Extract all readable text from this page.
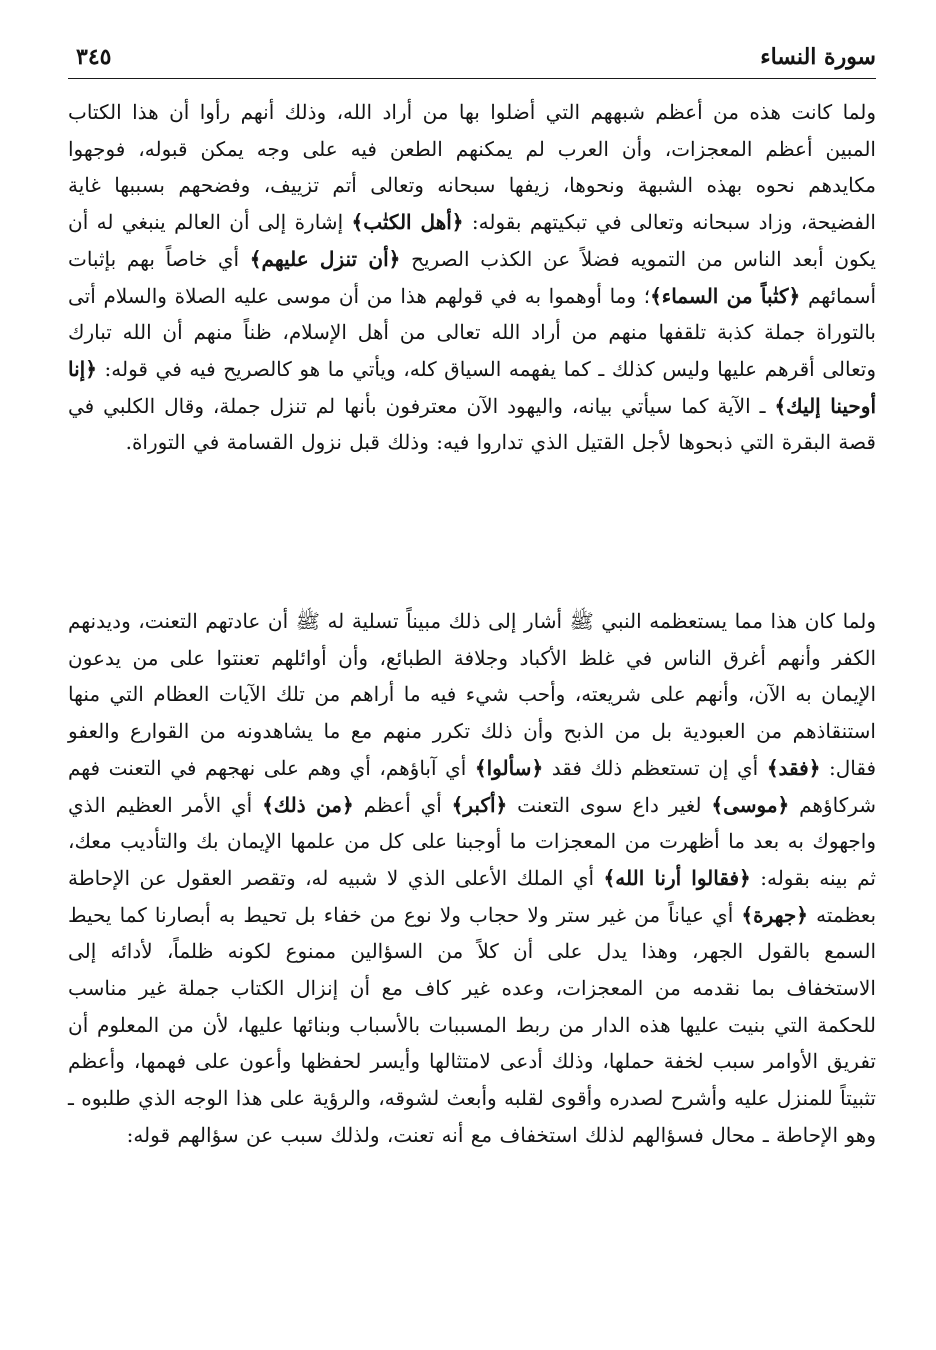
سورة النساء
٣٤٥

ولما كانت هذه من أعظم شبههم التي أضلوا بها من أراد الله، وذلك أنهم رأوا أن هذا الكتاب المبين أعظم المعجزات، وأن العرب لم يمكنهم الطعن فيه على وجه يمكن قبوله، فوجهوا مكايدهم نحوه بهذه الشبهة ونحوها، زيفها سبحانه وتعالى أتم تزييف، وفضحهم بسببها غاية الفضيحة، وزاد سبحانه وتعالى في تبكيتهم بقوله: ﴿أهل الكتٰب﴾ إشارة إلى أن العالم ينبغي له أن يكون أبعد الناس من التمويه فضلاً عن الكذب الصريح ﴿أن تنزل عليهم﴾ أي خاصاً بهم بإثبات أسمائهم ﴿كتٰباً من السماء﴾؛ وما أوهموا به في قولهم هذا من أن موسى عليه الصلاة والسلام أتى بالتوراة جملة كذبة تلقفها منهم من أراد الله تعالى من أهل الإسلام، ظناً منهم أن الله تبارك وتعالى أقرهم عليها وليس كذلك ـ كما يفهمه السياق كله، ويأتي ما هو كالصريح فيه في قوله: ﴿إنا أوحينا إليك﴾ ـ الآية كما سيأتي بيانه، واليهود الآن معترفون بأنها لم تنزل جملة، وقال الكلبي في قصة البقرة التي ذبحوها لأجل القتيل الذي تداروا فيه: وذلك قبل نزول القسامة في التوراة.

ولما كان هذا مما يستعظمه النبي ﷺ أشار إلى ذلك مبيناً تسلية له ﷺ أن عادتهم التعنت، وديدنهم الكفر وأنهم أغرق الناس في غلظ الأكباد وجلافة الطبائع، وأن أوائلهم تعنتوا على من يدعون الإيمان به الآن، وأنهم على شريعته، وأحب شيء فيه ما أراهم من تلك الآيات العظام التي منها استنقاذهم من العبودية بل من الذبح وأن ذلك تكرر منهم مع ما يشاهدونه من القوارع والعفو فقال: ﴿فقد﴾ أي إن تستعظم ذلك فقد ﴿سألوا﴾ أي آباؤهم، أي وهم على نهجهم في التعنت فهم شركاؤهم ﴿موسى﴾ لغير داع سوى التعنت ﴿أكبر﴾ أي أعظم ﴿من ذلك﴾ أي الأمر العظيم الذي واجهوك به بعد ما أظهرت من المعجزات ما أوجبنا على كل من علمها الإيمان بك والتأديب معك، ثم بينه بقوله: ﴿فقالوا أرنا الله﴾ أي الملك الأعلى الذي لا شبيه له، وتقصر العقول عن الإحاطة بعظمته ﴿جهرة﴾ أي عياناً من غير ستر ولا حجاب ولا نوع من خفاء بل تحيط به أبصارنا كما يحيط السمع بالقول الجهر، وهذا يدل على أن كلاً من السؤالين ممنوع لكونه ظلماً، لأدائه إلى الاستخفاف بما نقدمه من المعجزات، وعده غير كاف مع أن إنزال الكتاب جملة غير مناسب للحكمة التي بنيت عليها هذه الدار من ربط المسببات بالأسباب وبنائها عليها، لأن من المعلوم أن تفريق الأوامر سبب لخفة حملها، وذلك أدعى لامتثالها وأيسر لحفظها وأعون على فهمها، وأعظم تثبيتاً للمنزل عليه وأشرح لصدره وأقوى لقلبه وأبعث لشوقه، والرؤية على هذا الوجه الذي طلبوه ـ وهو الإحاطة ـ محال فسؤالهم لذلك استخفاف مع أنه تعنت، ولذلك سبب عن سؤالهم قوله:
